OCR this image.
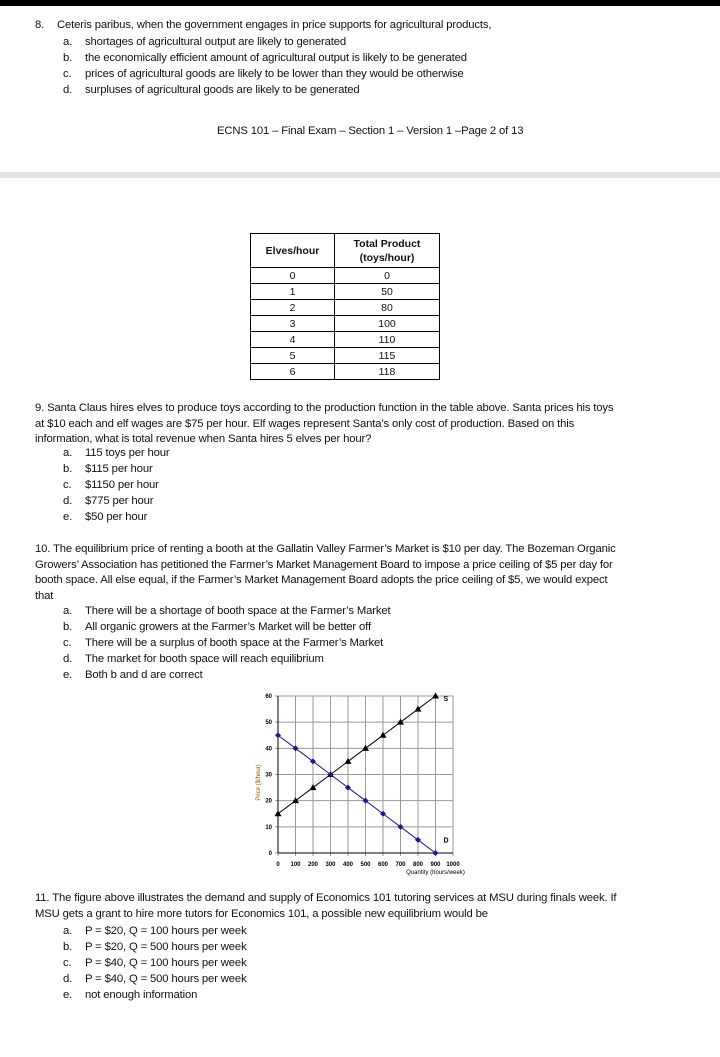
8. Ceteris paribus, when the government engages in price supports for agricultural products,
a. shortages of agricultural output are likely to generated
b. the economically efficient amount of agricultural output is likely to be generated
c. prices of agricultural goods are likely to be lower than they would be otherwise
d. surpluses of agricultural goods are likely to be generated
ECNS 101 – Final Exam – Section 1 – Version 1 –Page 2 of 13
Elves/hour	Total Product (toys/hour)
0	0
1	50
2	80
3	100
4	110
5	115
6	118
9. Santa Claus hires elves to produce toys according to the production function in the table above. Santa prices his toys
at $10 each and elf wages are $75 per hour. Elf wages represent Santa’s only cost of production. Based on this
information, what is total revenue when Santa hires 5 elves per hour?
a. 115 toys per hour
b. $115 per hour
c. $1150 per hour
d. $775 per hour
e. $50 per hour
10. The equilibrium price of renting a booth at the Gallatin Valley Farmer’s Market is $10 per day. The Bozeman Organic
Growers’ Association has petitioned the Farmer’s Market Management Board to impose a price ceiling of $5 per day for
booth space. All else equal, if the Farmer’s Market Management Board adopts the price ceiling of $5, we would expect
that
a. There will be a shortage of booth space at the Farmer’s Market
b. All organic growers at the Farmer’s Market will be better off
c. There will be a surplus of booth space at the Farmer’s Market
d. The market for booth space will reach equilibrium
e. Both b and d are correct
0 100 200 300 400 500 600 700 800 900 1000
0
10
20
30
40
50
60
Quantity (hours/week)
Price ($/hour)
S
D
11. The figure above illustrates the demand and supply of Economics 101 tutoring services at MSU during finals week. If
MSU gets a grant to hire more tutors for Economics 101, a possible new equilibrium would be
a. P = $20, Q = 100 hours per week
b. P = $20, Q = 500 hours per week
c. P = $40, Q = 100 hours per week
d. P = $40, Q = 500 hours per week
e. not enough information
